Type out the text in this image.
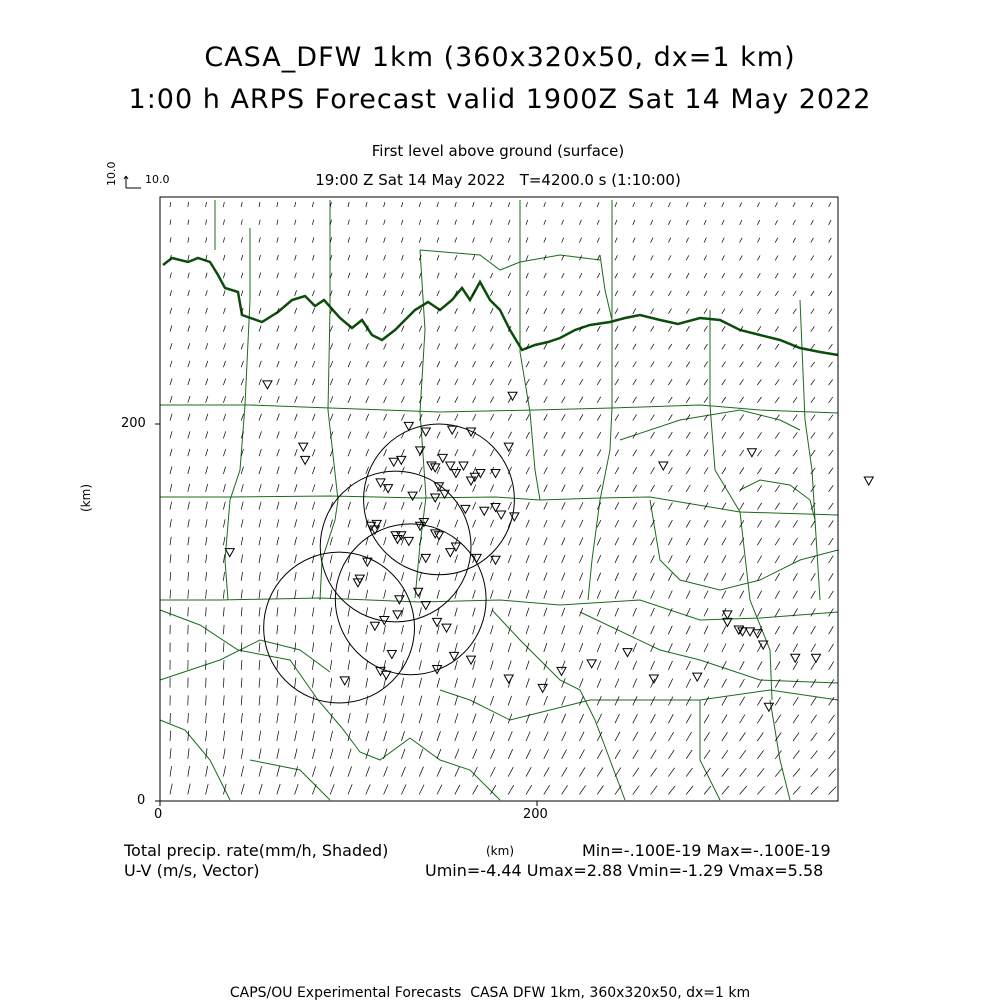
CASA_DFW 1km (360x320x50, dx=1 km)
1:00 h ARPS Forecast valid 1900Z Sat 14 May 2022
First level above ground (surface)
19:00 Z Sat 14 May 2022   T=4200.0 s (1:10:00)
10.0 10.0
(km)
(km)
Total precip. rate(mm/h, Shaded)
U-V (m/s, Vector)
Min=-.100E-19 Max=-.100E-19
Umin=-4.44 Umax=2.88 Vmin=-1.29 Vmax=5.58
CAPS/OU Experimental Forecasts  CASA DFW 1km, 360x320x50, dx=1 km
0
200
0	200
